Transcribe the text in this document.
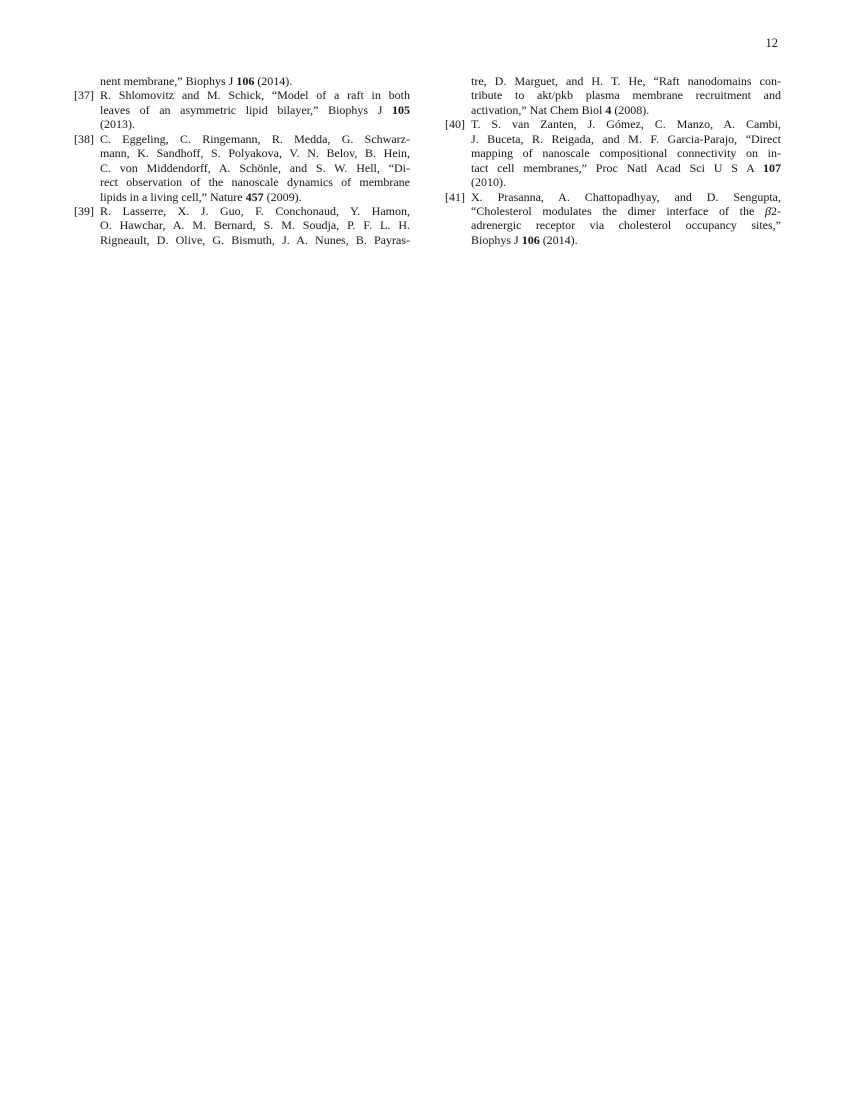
12
nent membrane,” Biophys J 106 (2014).
[37] R. Shlomovitz and M. Schick, “Model of a raft in both
leaves of an asymmetric lipid bilayer,” Biophys J 105
(2013).
[38] C. Eggeling, C. Ringemann, R. Medda, G. Schwarz-
mann, K. Sandhoff, S. Polyakova, V. N. Belov, B. Hein,
C. von Middendorff, A. Schönle, and S. W. Hell, “Di-
rect observation of the nanoscale dynamics of membrane
lipids in a living cell,” Nature 457 (2009).
[39] R. Lasserre, X. J. Guo, F. Conchonaud, Y. Hamon,
O. Hawchar, A. M. Bernard, S. M. Soudja, P. F. L. H.
Rigneault, D. Olive, G. Bismuth, J. A. Nunes, B. Payras-
tre, D. Marguet, and H. T. He, “Raft nanodomains con-
tribute to akt/pkb plasma membrane recruitment and
activation,” Nat Chem Biol 4 (2008).
[40] T. S. van Zanten, J. Gómez, C. Manzo, A. Cambi,
J. Buceta, R. Reigada, and M. F. Garcia-Parajo, “Direct
mapping of nanoscale compositional connectivity on in-
tact cell membranes,” Proc Natl Acad Sci U S A 107
(2010).
[41] X. Prasanna, A. Chattopadhyay, and D. Sengupta,
“Cholesterol modulates the dimer interface of the β2-
adrenergic receptor via cholesterol occupancy sites,”
Biophys J 106 (2014).
